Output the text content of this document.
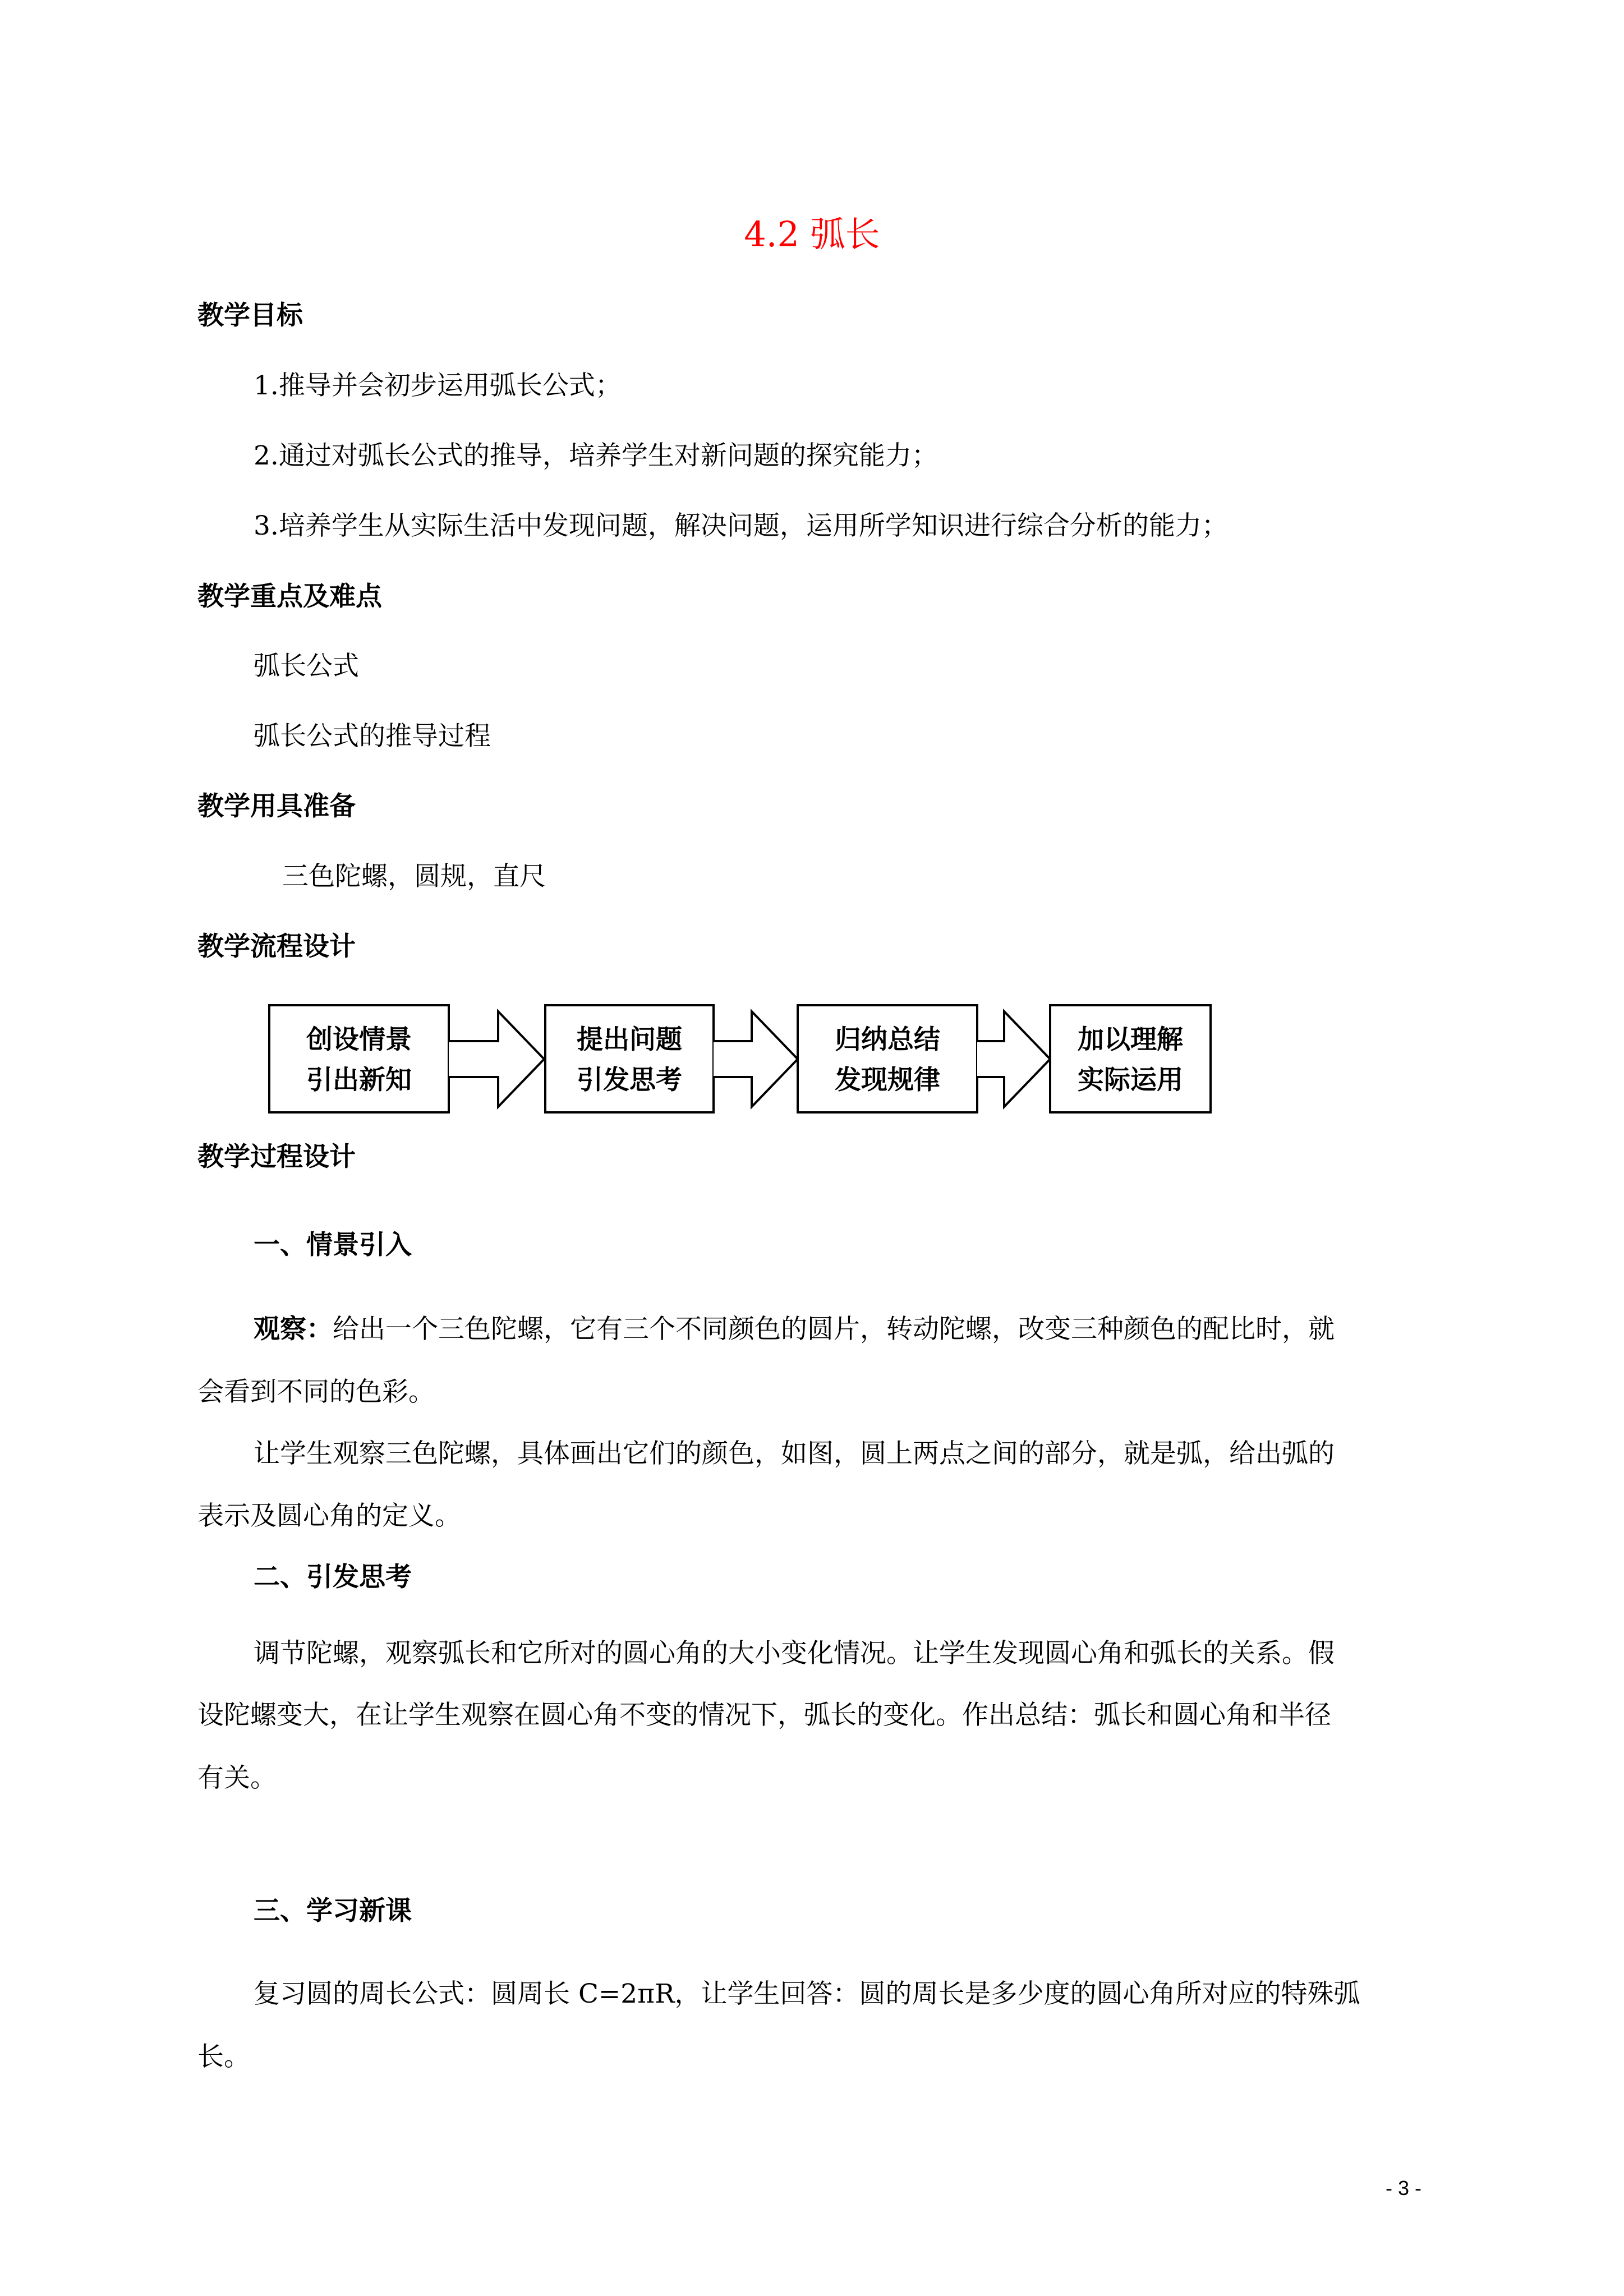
4.2 弧长
教学目标
1.推导并会初步运用弧长公式；
2.通过对弧长公式的推导，培养学生对新问题的探究能力；
3.培养学生从实际生活中发现问题，解决问题，运用所学知识进行综合分析的能力；
教学重点及难点
弧长公式
弧长公式的推导过程
教学用具准备
三色陀螺，圆规，直尺
教学流程设计
创设情景
引出新知
提出问题
引发思考
归纳总结
发现规律
加以理解
实际运用
教学过程设计
一、情景引入
观察：给出一个三色陀螺，它有三个不同颜色的圆片，转动陀螺，改变三种颜色的配比时，就
会看到不同的色彩。
让学生观察三色陀螺，具体画出它们的颜色，如图，圆上两点之间的部分，就是弧，给出弧的
表示及圆心角的定义。
二、引发思考
调节陀螺，观察弧长和它所对的圆心角的大小变化情况。让学生发现圆心角和弧长的关系。假
设陀螺变大，在让学生观察在圆心角不变的情况下，弧长的变化。作出总结：弧长和圆心角和半径
有关。
三、学习新课
复习圆的周长公式：圆周长 C=2πR，让学生回答：圆的周长是多少度的圆心角所对应的特殊弧
长。
- 3 -
